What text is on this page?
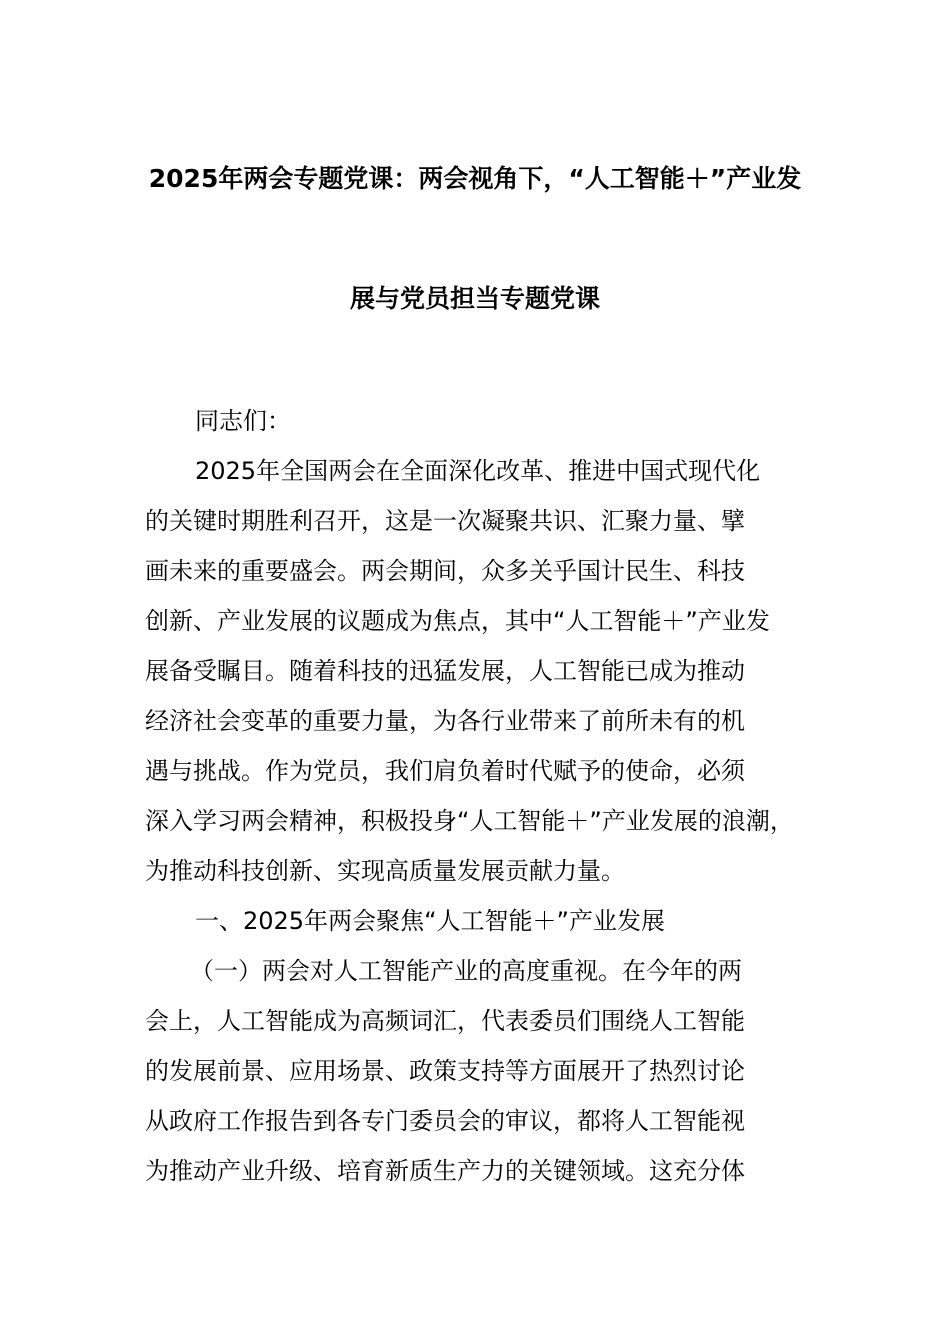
2025年两会专题党课：两会视角下，“人工智能＋”产业发
展与党员担当专题党课
同志们：
2025年全国两会在全面深化改革、推进中国式现代化
的关键时期胜利召开，这是一次凝聚共识、汇聚力量、擘
画未来的重要盛会。两会期间，众多关乎国计民生、科技
创新、产业发展的议题成为焦点，其中“人工智能＋”产业发
展备受瞩目。随着科技的迅猛发展，人工智能已成为推动
经济社会变革的重要力量，为各行业带来了前所未有的机
遇与挑战。作为党员，我们肩负着时代赋予的使命，必须
深入学习两会精神，积极投身“人工智能＋”产业发展的浪潮，
为推动科技创新、实现高质量发展贡献力量。
一、2025年两会聚焦“人工智能＋”产业发展
（一）两会对人工智能产业的高度重视。在今年的两
会上，人工智能成为高频词汇，代表委员们围绕人工智能
的发展前景、应用场景、政策支持等方面展开了热烈讨论
从政府工作报告到各专门委员会的审议，都将人工智能视
为推动产业升级、培育新质生产力的关键领域。这充分体
